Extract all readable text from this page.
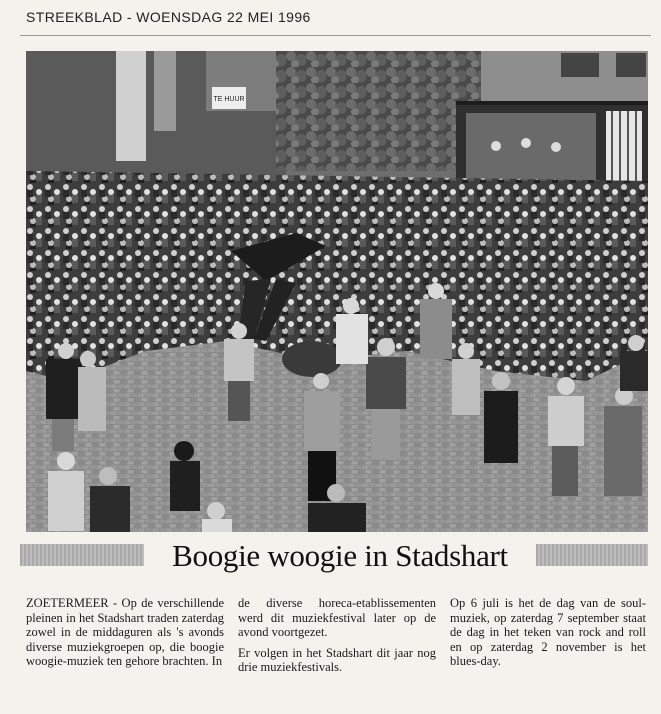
STREEKBLAD - WOENSDAG 22 MEI 1996
TE HUUR
Boogie woogie in Stadshart

ZOETERMEER - Op de verschillende pleinen in het Stadshart traden zaterdag zowel in de middaguren als 's avonds diverse muziekgroepen op, die boogie woogie-muziek ten gehore brachten. In

de diverse horeca-etablissementen werd dit muziekfestival later op de avond voortgezet.

Er volgen in het Stadshart dit jaar nog drie muziekfestivals.

Op 6 juli is het de dag van de soul-muziek, op zaterdag 7 september staat de dag in het teken van rock and roll en op zaterdag 2 november is het blues-day.
